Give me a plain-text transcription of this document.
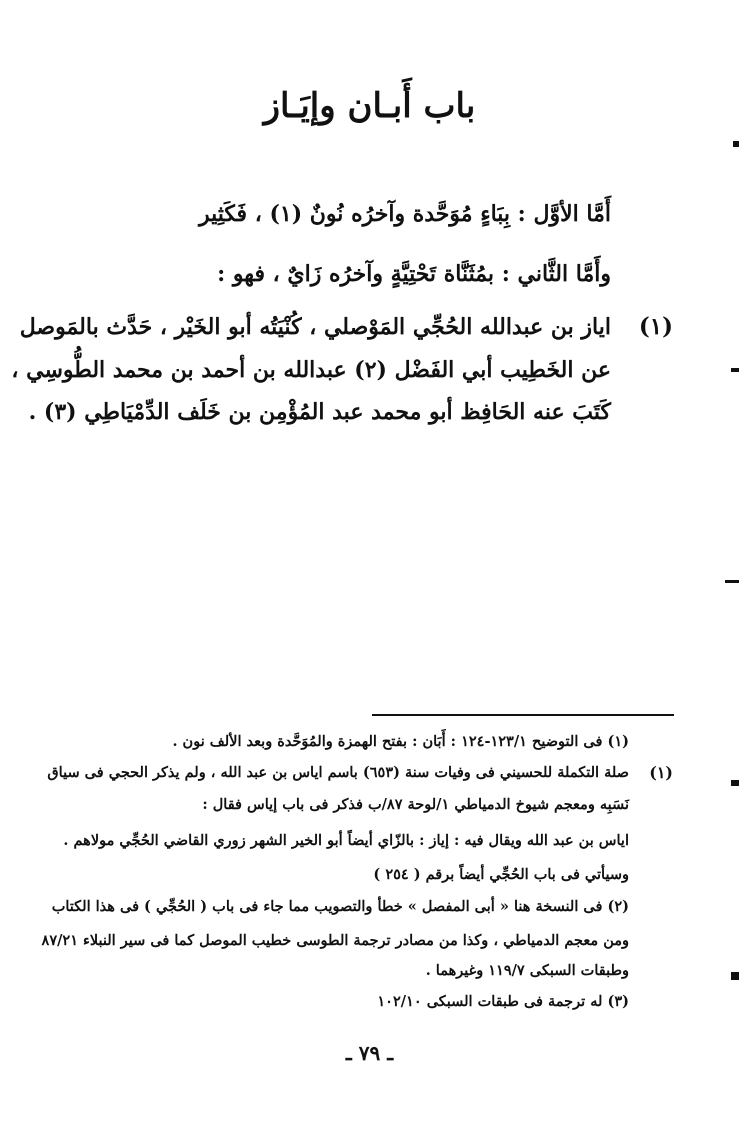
باب أَبـان وإيَـاز
أَمَّا الأوَّل : بِبَاءٍ مُوَحَّدة وآخرُه نُونٌ (١) ، فَكَثِير
وأَمَّا الثَّاني : بمُثَنَّاة تَحْتِيَّةٍ وآخرُه زَايٌ ، فهو :
(١)
اياز بن عبدالله الحُجِّي المَوْصلي ، كُنْيَتُه أبو الخَيْر ، حَدَّث بالمَوصل
عن الخَطِيب أبي الفَضْل (٢) عبدالله بن أحمد بن محمد الطُّوسِي ،
كَتَبَ عنه الحَافِظ أبو محمد عبد المُؤْمِن بن خَلَف الدِّمْيَاطِي (٣) .
(١) فى التوضيح ١٢٣/١-١٢٤ : أَبَان : بفتح الهمزة والمُوَحَّدة وبعد الألف نون .
(١)
صلة التكملة للحسيني فى وفيات سنة (٦٥٣) باسم اياس بن عبد الله ، ولم يذكر الحجي فى سياق
نَسَبِه ومعجم شيوخ الدمياطي ١/لوحة ٨٧/ب فذكر فى باب إياس فقال :
اياس بن عبد الله ويقال فيه : إياز : بالزّاي أيضاً أبو الخير الشهر زوري القاضي الحُجِّي مولاهم .
وسيأتي فى باب الحُجِّي أيضاً برقم ( ٢٥٤ )
(٢) فى النسخة هنا « أبى المفصل » خطأ والتصويب مما جاء فى باب ( الحُجِّي ) فى هذا الكتاب
ومن معجم الدمياطي ، وكذا من مصادر ترجمة الطوسى خطيب الموصل كما فى سير النبلاء ٨٧/٢١
وطبقات السبكى ١١٩/٧ وغيرهما .
(٣) له ترجمة فى طبقات السبكى ١٠٢/١٠
ـ ٧٩ ـ
